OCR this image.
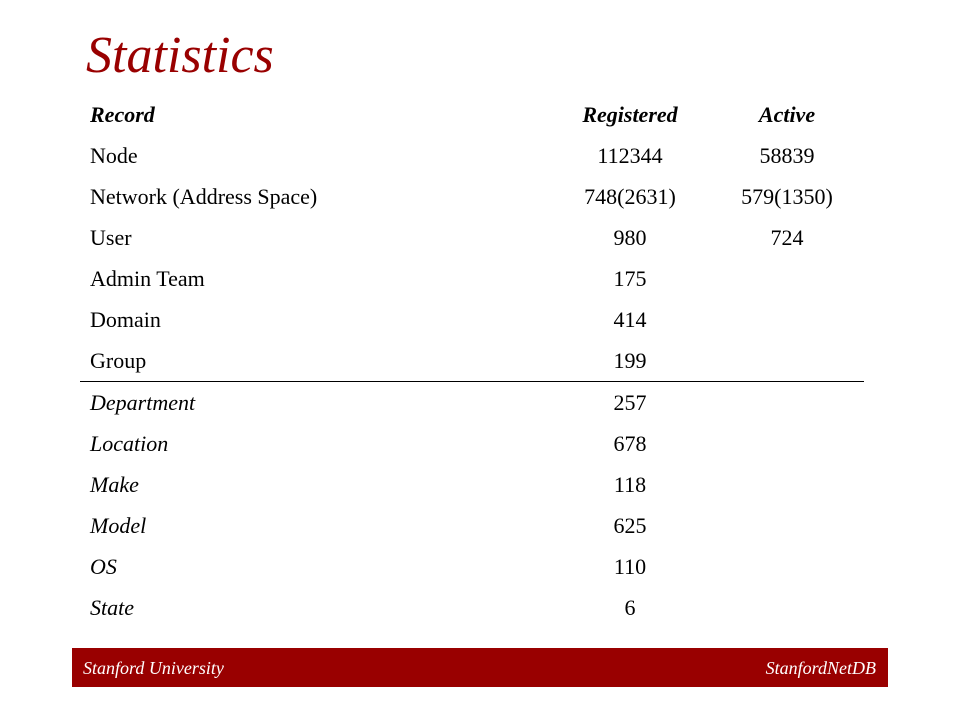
Statistics
Record	Registered	Active
Node	112344	58839
Network (Address Space)	748(2631)	579(1350)
User	980	724
Admin Team	175	
Domain	414	
Group	199	
Department	257	
Location	678	
Make	118	
Model	625	
OS	110	
State	6	
Stanford University	StanfordNetDB
